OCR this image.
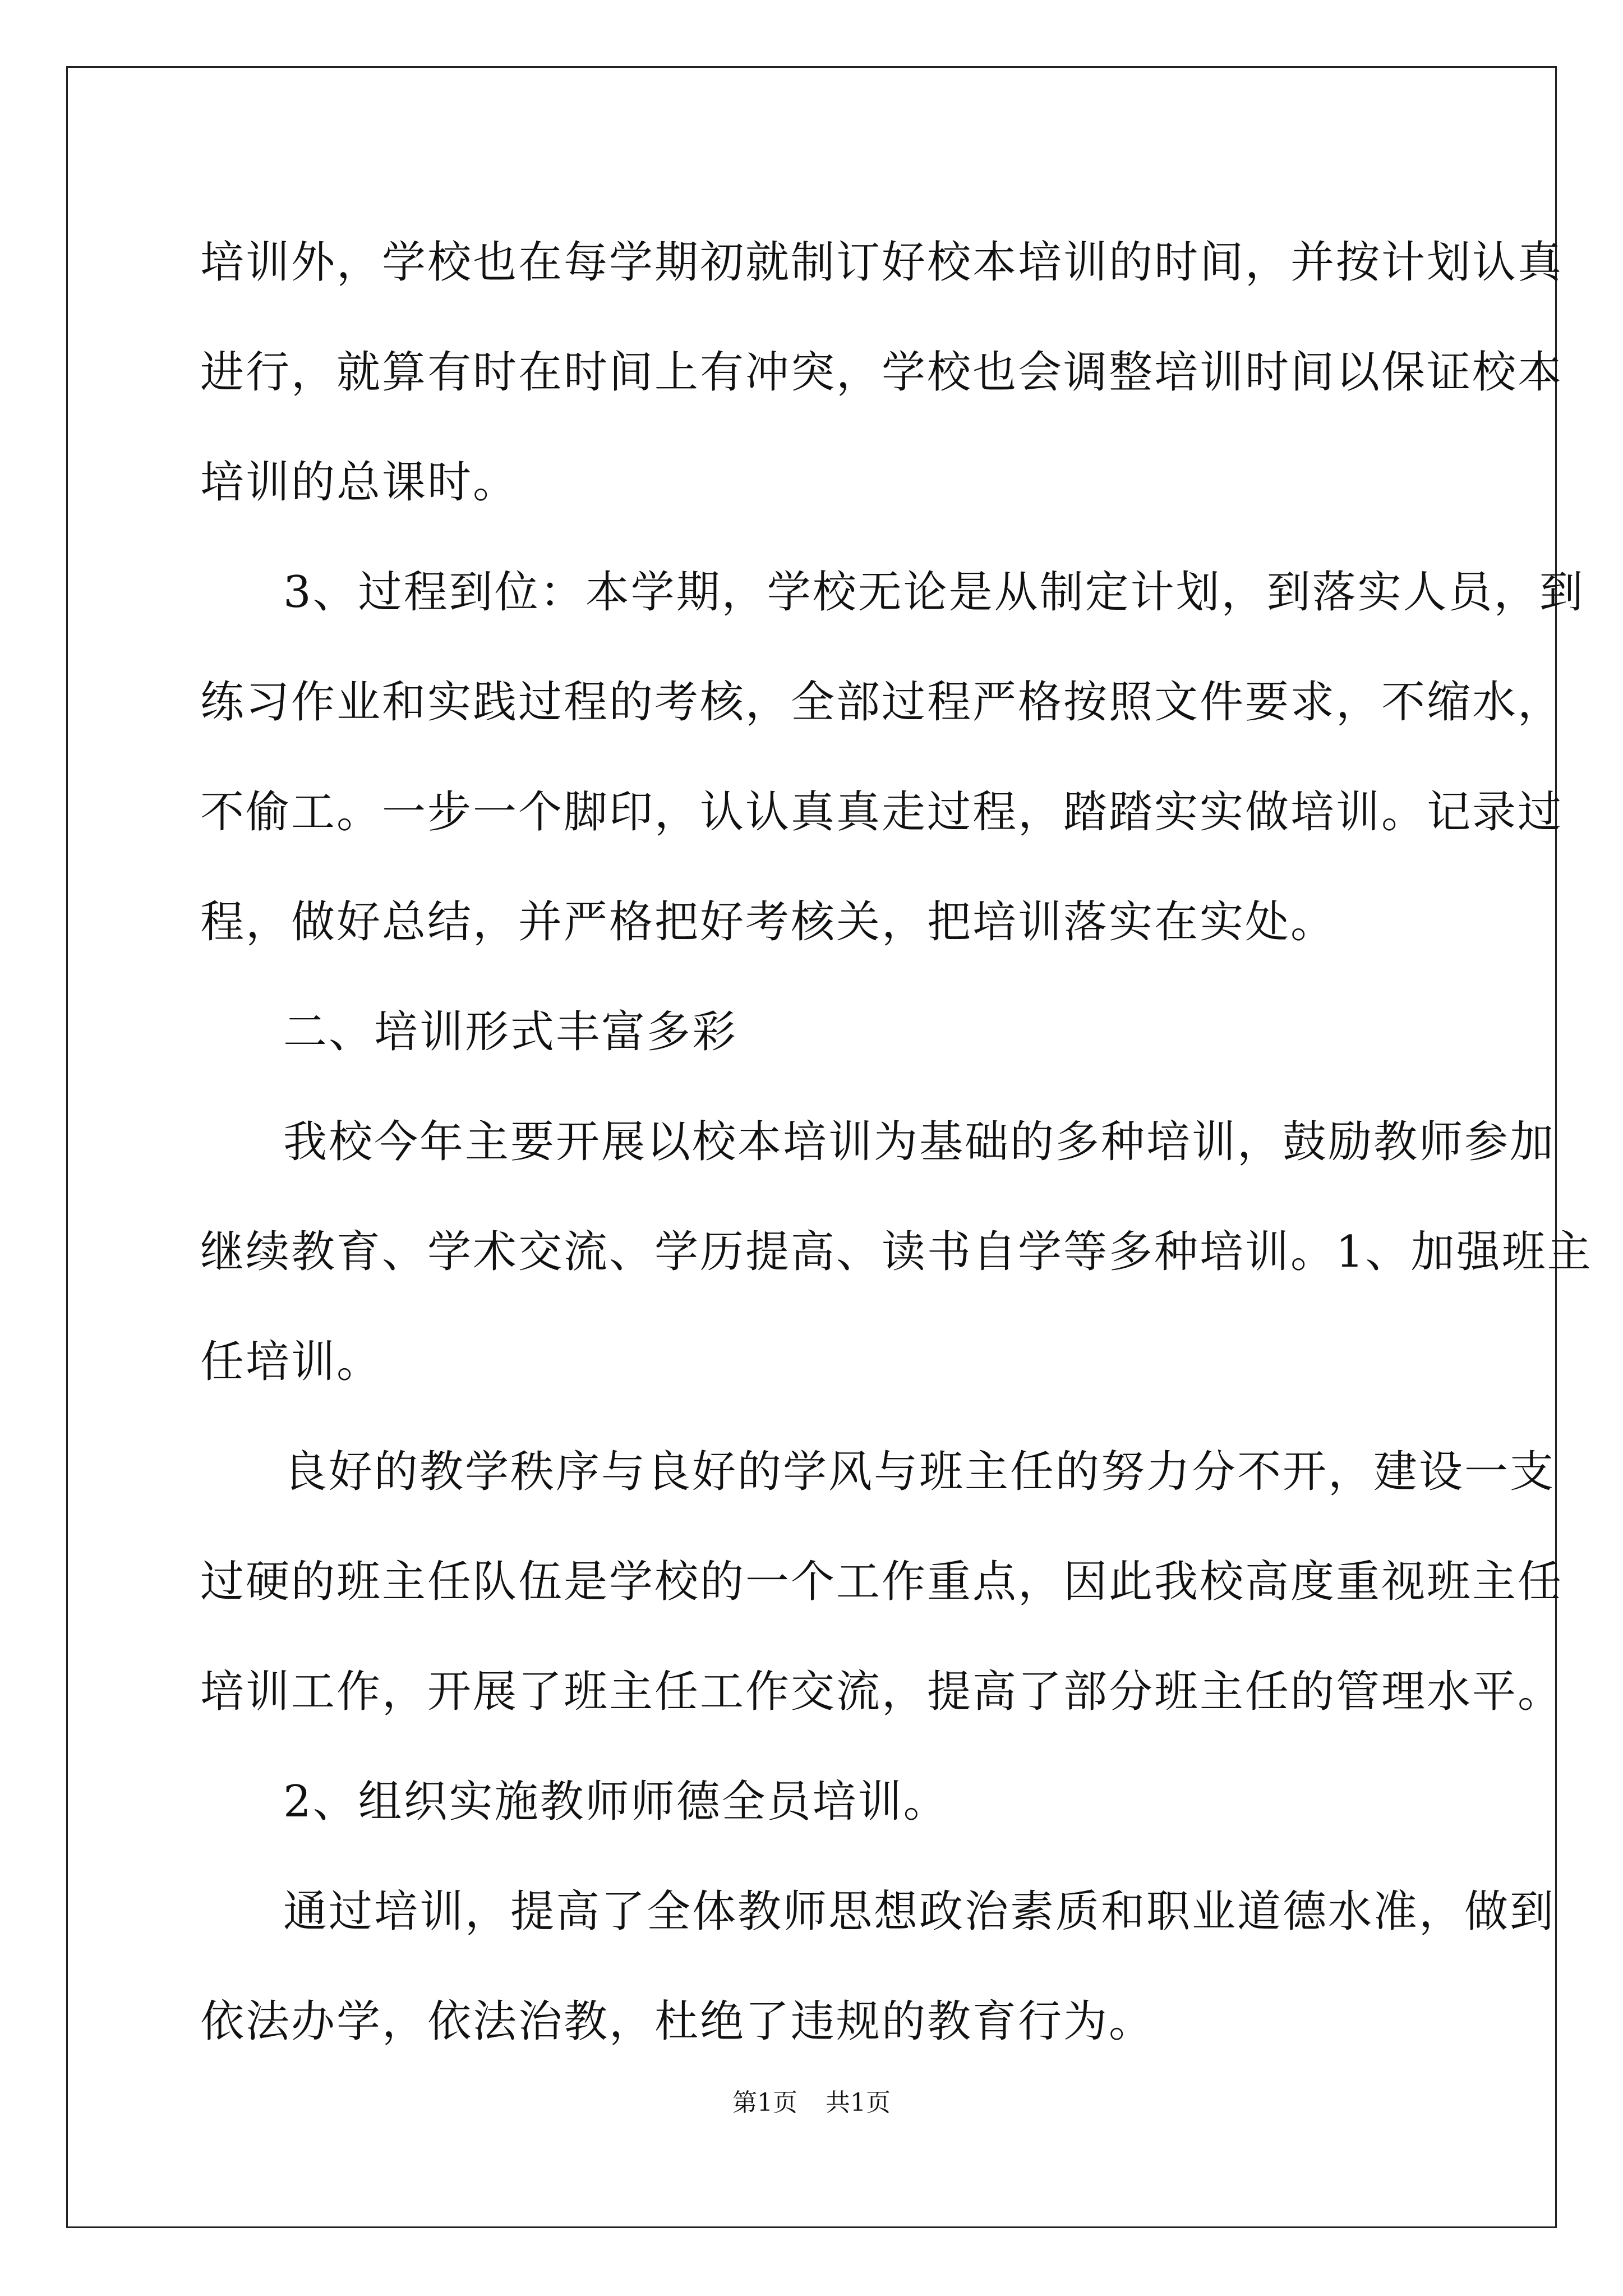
培训外，学校也在每学期初就制订好校本培训的时间，并按计划认真
进行，就算有时在时间上有冲突，学校也会调整培训时间以保证校本
培训的总课时。
3、过程到位：本学期，学校无论是从制定计划，到落实人员，到
练习作业和实践过程的考核，全部过程严格按照文件要求，不缩水，
不偷工。一步一个脚印，认认真真走过程，踏踏实实做培训。记录过
程，做好总结，并严格把好考核关，把培训落实在实处。
二、培训形式丰富多彩
我校今年主要开展以校本培训为基础的多种培训，鼓励教师参加
继续教育、学术交流、学历提高、读书自学等多种培训。1、加强班主
任培训。
良好的教学秩序与良好的学风与班主任的努力分不开，建设一支
过硬的班主任队伍是学校的一个工作重点，因此我校高度重视班主任
培训工作，开展了班主任工作交流，提高了部分班主任的管理水平。
2、组织实施教师师德全员培训。
通过培训，提高了全体教师思想政治素质和职业道德水准，做到
依法办学，依法治教，杜绝了违规的教育行为。
第1页 共1页
